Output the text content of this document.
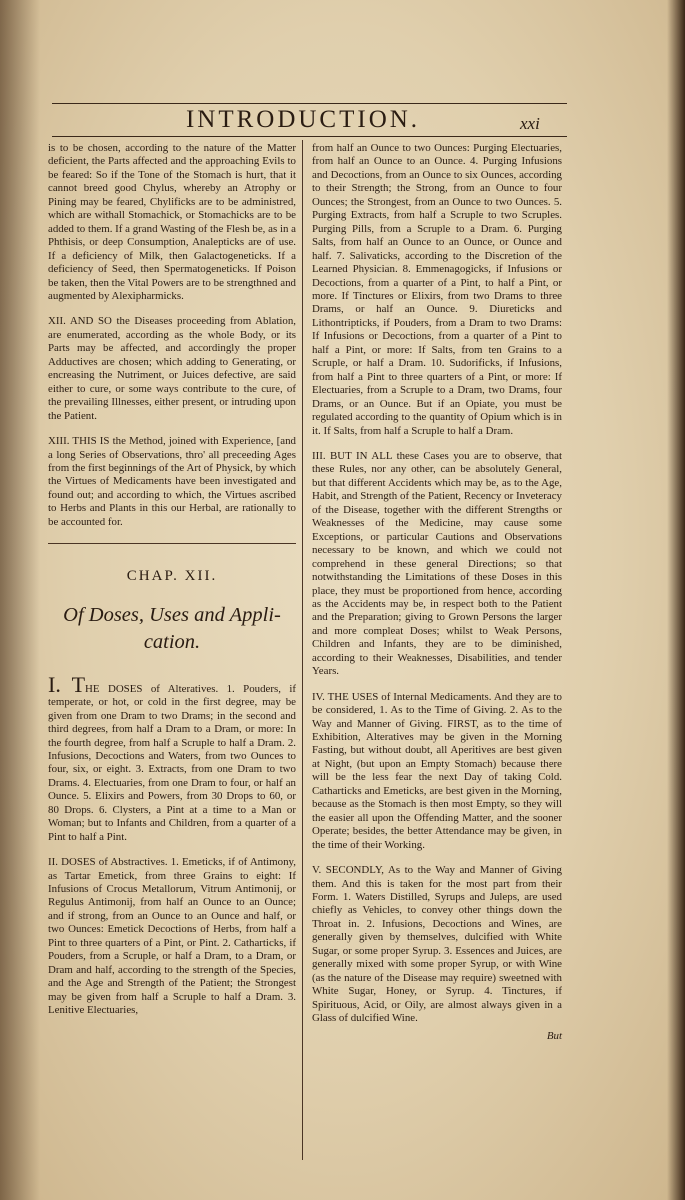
INTRODUCTION.	xxi

is to be chosen, according to the nature of the Matter deficient, the Parts affected and the approaching Evils to be feared: So if the Tone of the Stomach is hurt, that it cannot breed good Chylus, whereby an Atrophy or Pining may be feared, Chylificks are to be administred, which are withall Stomachick, or Stomachicks are to be added to them. If a grand Wasting of the Flesh be, as in a Phthisis, or deep Consumption, Analepticks are of use. If a deficiency of Milk, then Galactogeneticks. If a deficiency of Seed, then Spermatogeneticks. If Poison be taken, then the Vital Powers are to be strengthned and augmented by Alexipharmicks.

XII. AND SO the Diseases proceeding from Ablation, are enumerated, according as the whole Body, or its Parts may be affected, and accordingly the proper Adductives are chosen; which adding to Generating, or encreasing the Nutriment, or Juices defective, are said either to cure, or some ways contribute to the cure, of the prevailing Illnesses, either present, or intruding upon the Patient.

XIII. THIS IS the Method, joined with Experience, [and a long Series of Observations, thro' all preceeding Ages from the first beginnings of the Art of Physick, by which the Virtues of Medicaments have been investigated and found out; and according to which, the Virtues ascribed to Herbs and Plants in this our Herbal, are rationally to be accounted for.

CHAP. XII.
Of Doses, Uses and Appli-
cation.

I. THE DOSES of Alteratives. 1. Pouders, if temperate, or hot, or cold in the first degree, may be given from one Dram to two Drams; in the second and third degrees, from half a Dram to a Dram, or more: In the fourth degree, from half a Scruple to half a Dram. 2. Infusions, Decoctions and Waters, from two Ounces to four, six, or eight. 3. Extracts, from one Dram to two Drams. 4. Electuaries, from one Dram to four, or half an Ounce. 5. Elixirs and Powers, from 30 Drops to 60, or 80 Drops. 6. Clysters, a Pint at a time to a Man or Woman; but to Infants and Children, from a quarter of a Pint to half a Pint.

II. DOSES of Abstractives. 1. Emeticks, if of Antimony, as Tartar Emetick, from three Grains to eight: If Infusions of Crocus Metallorum, Vitrum Antimonij, or Regulus Antimonij, from half an Ounce to an Ounce; and if strong, from an Ounce to an Ounce and half, or two Ounces: Emetick Decoctions of Herbs, from half a Pint to three quarters of a Pint, or Pint. 2. Catharticks, if Pouders, from a Scruple, or half a Dram, to a Dram, or Dram and half, according to the strength of the Species, and the Age and Strength of the Patient; the Strongest may be given from half a Scruple to half a Dram. 3. Lenitive Electuaries,

from half an Ounce to two Ounces: Purging Electuaries, from half an Ounce to an Ounce. 4. Purging Infusions and Decoctions, from an Ounce to six Ounces, according to their Strength; the Strong, from an Ounce to four Ounces; the Strongest, from an Ounce to two Ounces. 5. Purging Extracts, from half a Scruple to two Scruples. Purging Pills, from a Scruple to a Dram. 6. Purging Salts, from half an Ounce to an Ounce, or Ounce and half. 7. Salivaticks, according to the Discretion of the Learned Physician. 8. Emmenagogicks, if Infusions or Decoctions, from a quarter of a Pint, to half a Pint, or more. If Tinctures or Elixirs, from two Drams to three Drams, or half an Ounce. 9. Diureticks and Lithontripticks, if Pouders, from a Dram to two Drams: If Infusions or Decoctions, from a quarter of a Pint to half a Pint, or more: If Salts, from ten Grains to a Scruple, or half a Dram. 10. Sudorificks, if Infusions, from half a Pint to three quarters of a Pint, or more: If Electuaries, from a Scruple to a Dram, two Drams, four Drams, or an Ounce. But if an Opiate, you must be regulated according to the quantity of Opium which is in it. If Salts, from half a Scruple to half a Dram.

III. BUT IN ALL these Cases you are to observe, that these Rules, nor any other, can be absolutely General, but that different Accidents which may be, as to the Age, Habit, and Strength of the Patient, Recency or Inveteracy of the Disease, together with the different Strengths or Weaknesses of the Medicine, may cause some Exceptions, or particular Cautions and Observations necessary to be known, and which we could not comprehend in these general Directions; so that notwithstanding the Limitations of these Doses in this place, they must be proportioned from hence, according as the Accidents may be, in respect both to the Patient and the Preparation; giving to Grown Persons the larger and more compleat Doses; whilst to Weak Persons, Children and Infants, they are to be diminished, according to their Weaknesses, Disabilities, and tender Years.

IV. THE USES of Internal Medicaments. And they are to be considered, 1. As to the Time of Giving. 2. As to the Way and Manner of Giving. FIRST, as to the time of Exhibition, Alteratives may be given in the Morning Fasting, but without doubt, all Aperitives are best given at Night, (but upon an Empty Stomach) because there will be the less fear the next Day of taking Cold. Catharticks and Emeticks, are best given in the Morning, because as the Stomach is then most Empty, so they will the easier all upon the Offending Matter, and the sooner Operate; besides, the better Attendance may be given, in the time of their Working.

V. SECONDLY, As to the Way and Manner of Giving them. And this is taken for the most part from their Form. 1. Waters Distilled, Syrups and Juleps, are used chiefly as Vehicles, to convey other things down the Throat in. 2. Infusions, Decoctions and Wines, are generally given by themselves, dulcified with White Sugar, or some proper Syrup. 3. Essences and Juices, are generally mixed with some proper Syrup, or with Wine (as the nature of the Disease may require) sweetned with White Sugar, Honey, or Syrup. 4. Tinctures, if Spirituous, Acid, or Oily, are almost always given in a Glass of dulcified Wine.

But
